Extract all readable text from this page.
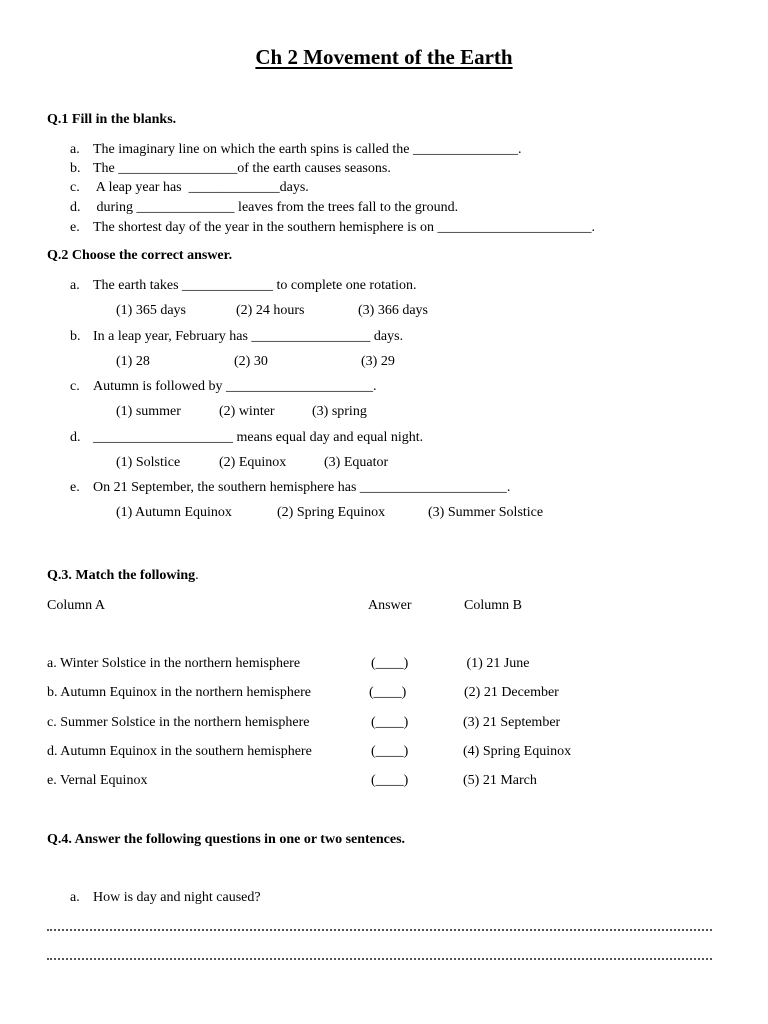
Ch 2 Movement of the Earth
Q.1 Fill in the blanks.
a. The imaginary line on which the earth spins is called the _______________.
b. The _________________of the earth causes seasons.
c. A leap year has  _____________days.
d. during ______________ leaves from the trees fall to the ground.
e. The shortest day of the year in the southern hemisphere is on ______________________.
Q.2 Choose the correct answer.
a. The earth takes _____________ to complete one rotation.
(1) 365 days	(2) 24 hours	(3) 366 days
b. In a leap year, February has _________________ days.
(1) 28	(2) 30	(3) 29
c. Autumn is followed by _____________________.
(1) summer	(2) winter	(3) spring
d. ____________________ means equal day and equal night.
(1) Solstice	(2) Equinox	(3) Equator
e. On 21 September, the southern hemisphere has _____________________.
(1) Autumn Equinox	(2) Spring Equinox	(3) Summer Solstice
Q.3. Match the following.
Column A	Answer	Column B
a. Winter Solstice in the northern hemisphere	(____)	(1) 21 June
b. Autumn Equinox in the northern hemisphere	(____)	(2) 21 December
c. Summer Solstice in the northern hemisphere	(____)	(3) 21 September
d. Autumn Equinox in the southern hemisphere	(____)	(4) Spring Equinox
e. Vernal Equinox	(____)	(5) 21 March
Q.4. Answer the following questions in one or two sentences.
a. How is day and night caused?
